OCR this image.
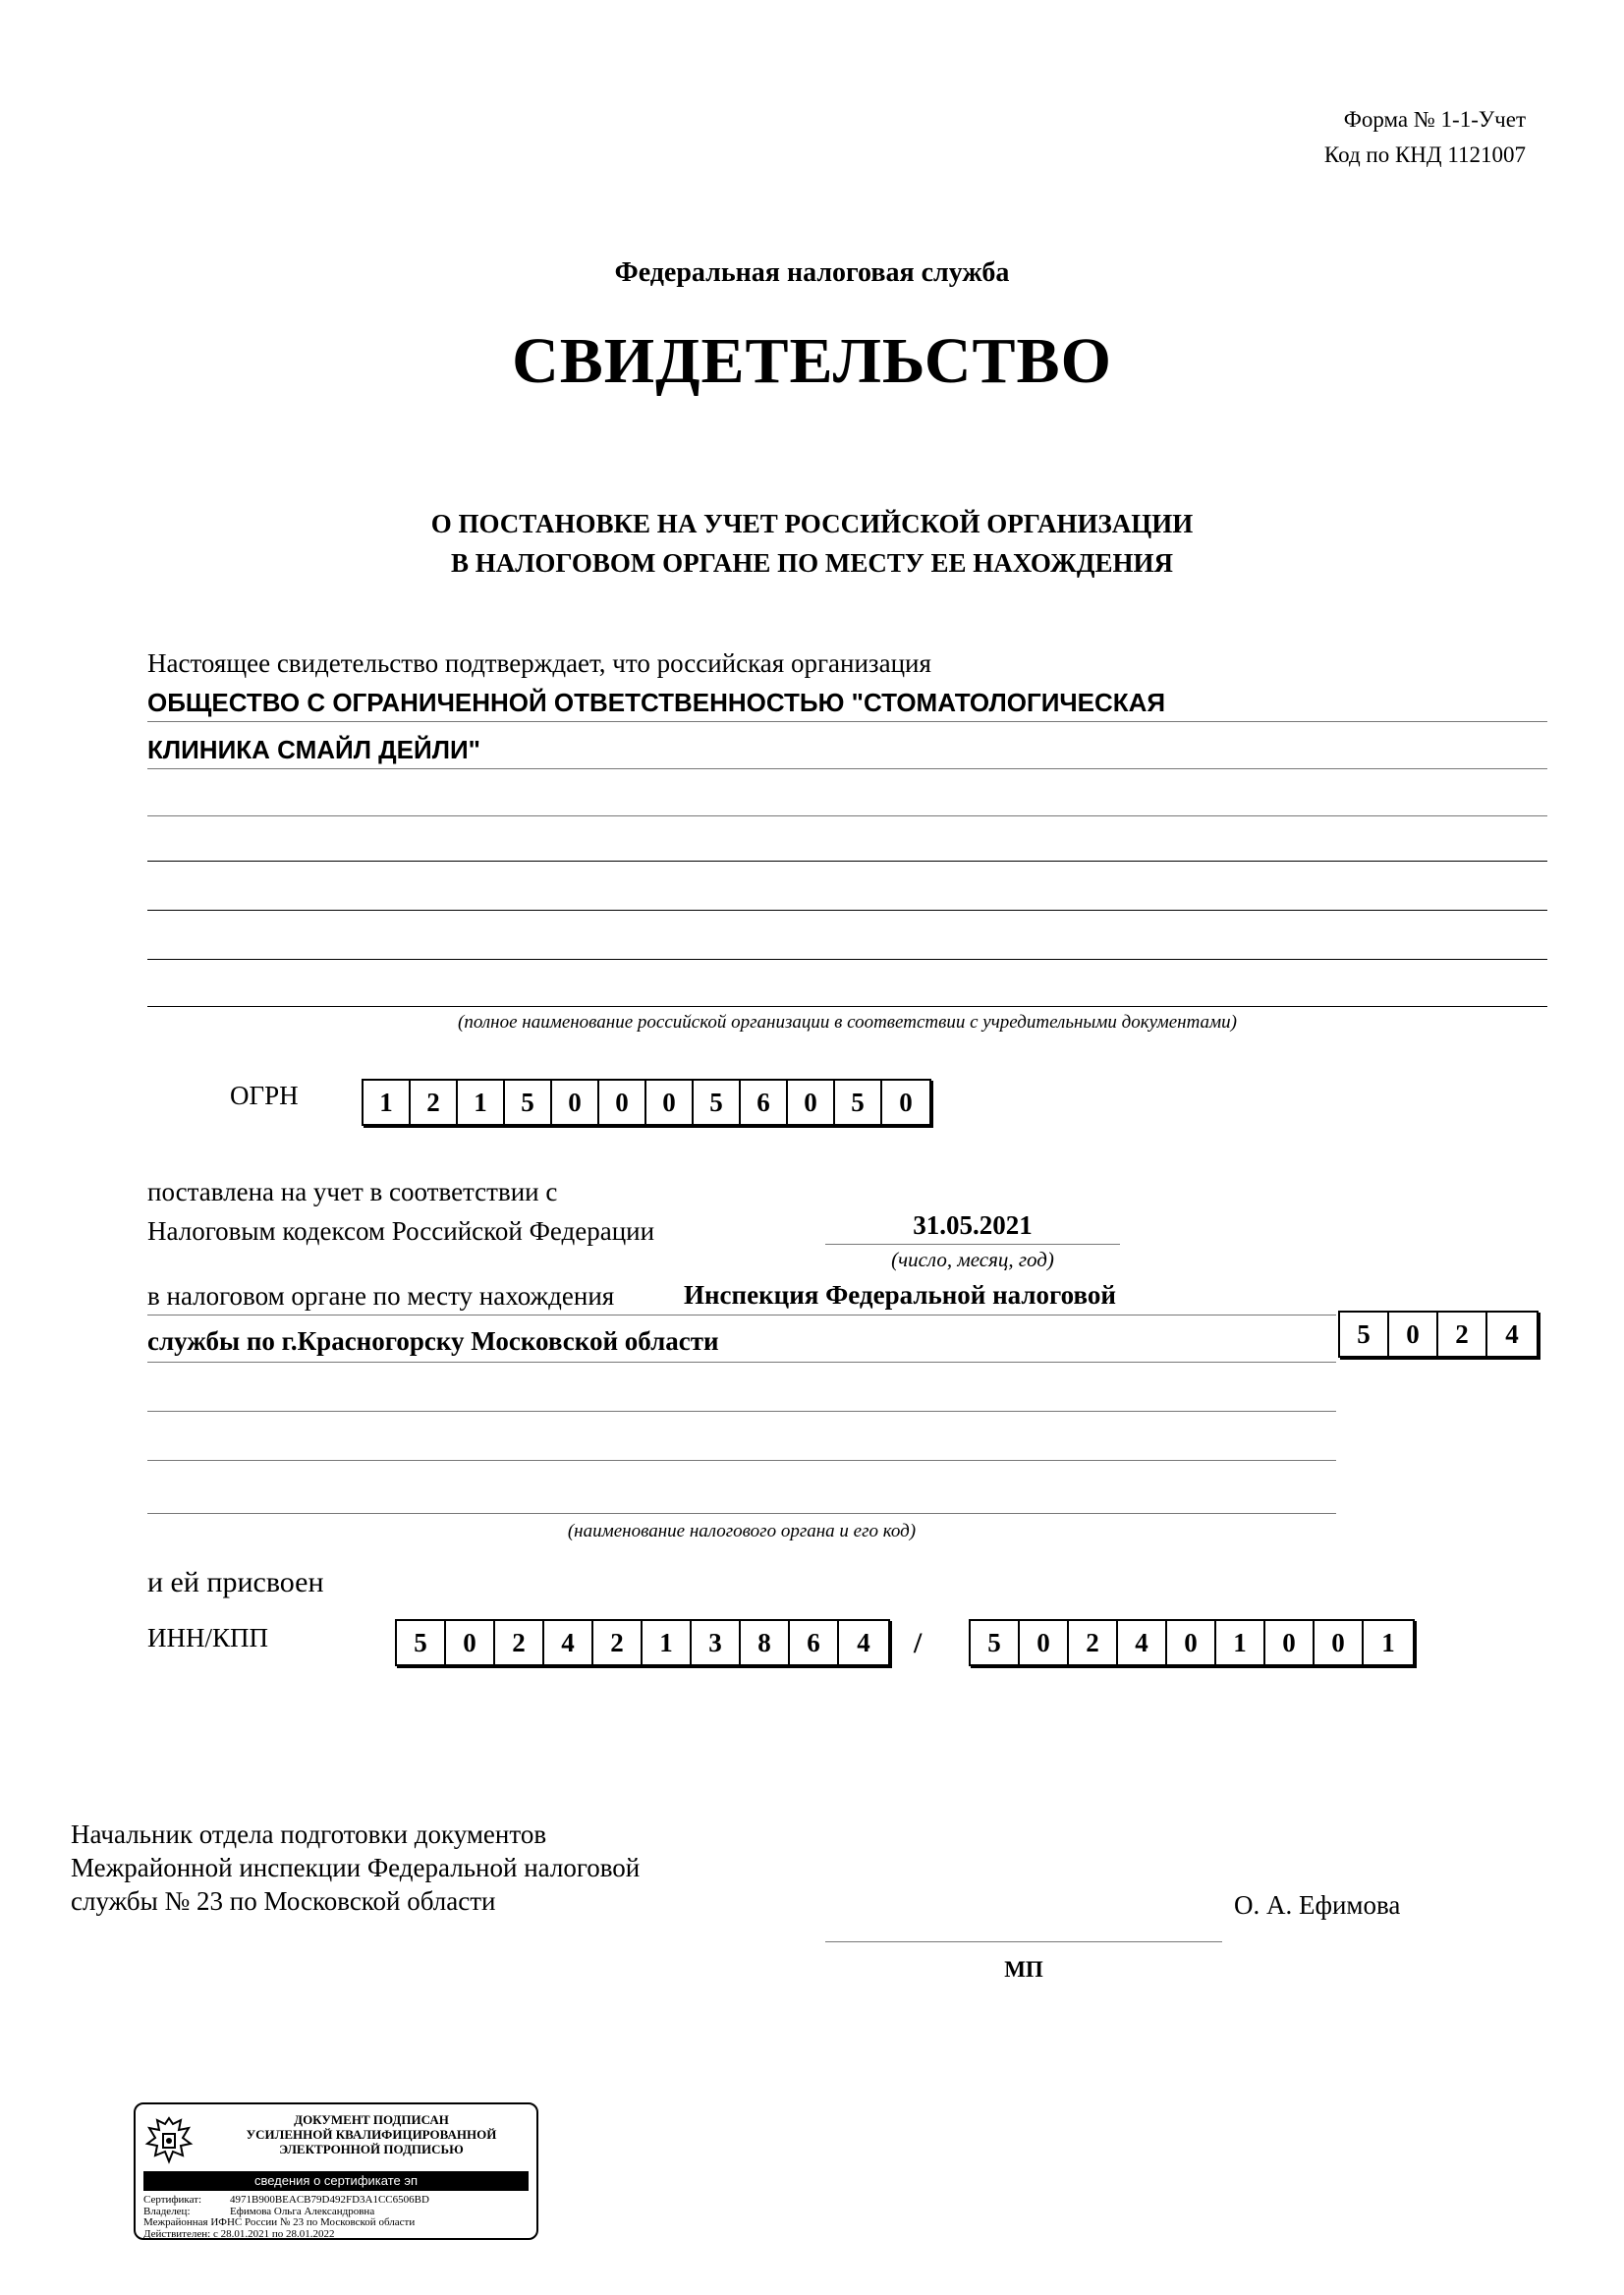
Форма № 1-1-Учет
Код по КНД 1121007
Федеральная налоговая служба
СВИДЕТЕЛЬСТВО
О ПОСТАНОВКЕ НА УЧЕТ РОССИЙСКОЙ ОРГАНИЗАЦИИ
В НАЛОГОВОМ ОРГАНЕ ПО МЕСТУ ЕЕ НАХОЖДЕНИЯ
Настоящее свидетельство подтверждает, что российская организация
ОБЩЕСТВО С ОГРАНИЧЕННОЙ ОТВЕТСТВЕННОСТЬЮ "СТОМАТОЛОГИЧЕСКАЯ
КЛИНИКА СМАЙЛ ДЕЙЛИ"
(полное наименование российской организации в соответствии с учредительными документами)
ОГРН	1	2	1	5	0	0	0	5	6	0	5	0
поставлена на учет в соответствии с
Налоговым кодексом Российской Федерации	31.05.2021
(число, месяц, год)
в налоговом органе по месту нахождения	Инспекция Федеральной налоговой
службы по г.Красногорску Московской области
(наименование налогового органа и его код)
5	0	2	4
и ей присвоен
ИНН/КПП	5	0	2	4	2	1	3	8	6	4	/	5	0	2	4	0	1	0	0	1
Начальник отдела подготовки документов
Межрайонной инспекции Федеральной налоговой
службы № 23 по Московской области	О. А. Ефимова
МП
ДОКУМЕНТ ПОДПИСАН
УСИЛЕННОЙ КВАЛИФИЦИРОВАННОЙ
ЭЛЕКТРОННОЙ ПОДПИСЬЮ
сведения о сертификате эп
Сертификат:	4971B900BEACB79D492FD3A1CC6506BD
Владелец:	Ефимова Ольга Александровна
Межрайонная ИФНС России № 23 по Московской области
Действителен: с 28.01.2021 по 28.01.2022
